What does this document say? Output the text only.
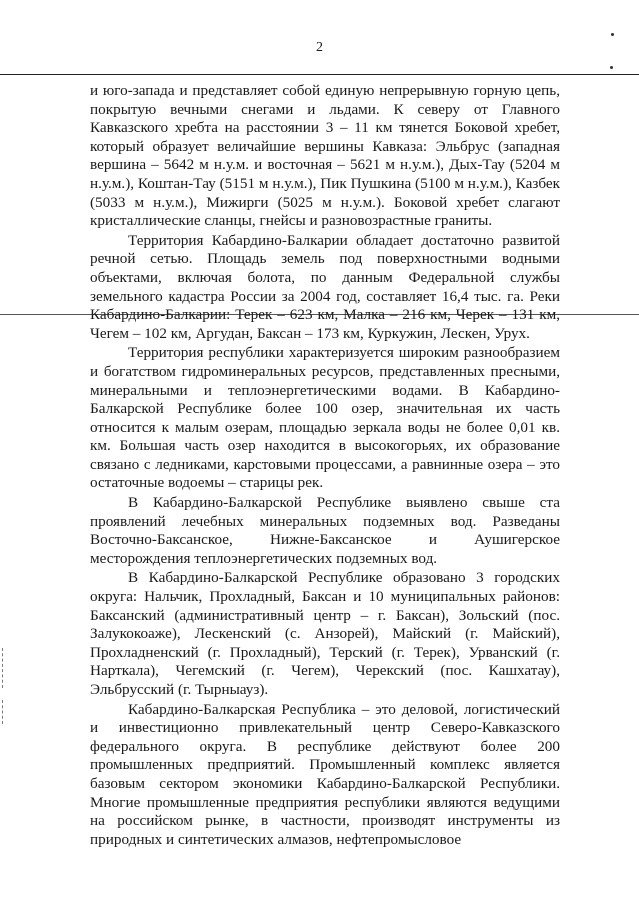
2

и юго-запада и представляет собой единую непрерывную горную цепь, покрытую вечными снегами и льдами. К северу от Главного Кавказского хребта на расстоянии 3 – 11 км тянется Боковой хребет, который образует величайшие вершины Кавказа: Эльбрус (западная вершина – 5642 м н.у.м. и восточная – 5621 м н.у.м.), Дых-Тау (5204 м н.у.м.), Коштан-Тау (5151 м н.у.м.), Пик Пушкина (5100 м н.у.м.), Казбек (5033 м н.у.м.), Мижирги (5025 м н.у.м.). Боковой хребет слагают кристаллические сланцы, гнейсы и разновозрастные граниты.

Территория Кабардино-Балкарии обладает достаточно развитой речной сетью. Площадь земель под поверхностными водными объектами, включая болота, по данным Федеральной службы земельного кадастра России за 2004 год, составляет 16,4 тыс. га. Реки Кабардино-Балкарии: Терек – 623 км, Малка – 216 км, Черек – 131 км, Чегем – 102 км, Аргудан, Баксан – 173 км, Куркужин, Лескен, Урух.

Территория республики характеризуется широким разнообразием и богатством гидроминеральных ресурсов, представленных пресными, минеральными и теплоэнергетическими водами. В Кабардино-Балкарской Республике более 100 озер, значительная их часть относится к малым озерам, площадью зеркала воды не более 0,01 кв. км. Большая часть озер находится в высокогорьях, их образование связано с ледниками, карстовыми процессами, а равнинные озера – это остаточные водоемы – старицы рек.

В Кабардино-Балкарской Республике выявлено свыше ста проявлений лечебных минеральных подземных вод. Разведаны Восточно-Баксанское, Нижне-Баксанское и Аушигерское месторождения теплоэнергетических подземных вод.

В Кабардино-Балкарской Республике образовано 3 городских округа: Нальчик, Прохладный, Баксан и 10 муниципальных районов: Баксанский (административный центр – г. Баксан), Зольский (пос. Залукокоаже), Лескенский (с. Анзорей), Майский (г. Майский), Прохладненский (г. Прохладный), Терский (г. Терек), Урванский (г. Нарткала), Чегемский (г. Чегем), Черекский (пос. Кашхатау), Эльбрусский (г. Тырныауз).

Кабардино-Балкарская Республика – это деловой, логистический и инвестиционно привлекательный центр Северо-Кавказского федерального округа. В республике действуют более 200 промышленных предприятий. Промышленный комплекс является базовым сектором экономики Кабардино-Балкарской Республики. Многие промышленные предприятия республики являются ведущими на российском рынке, в частности, производят инструменты из природных и синтетических алмазов, нефтепромысловое
